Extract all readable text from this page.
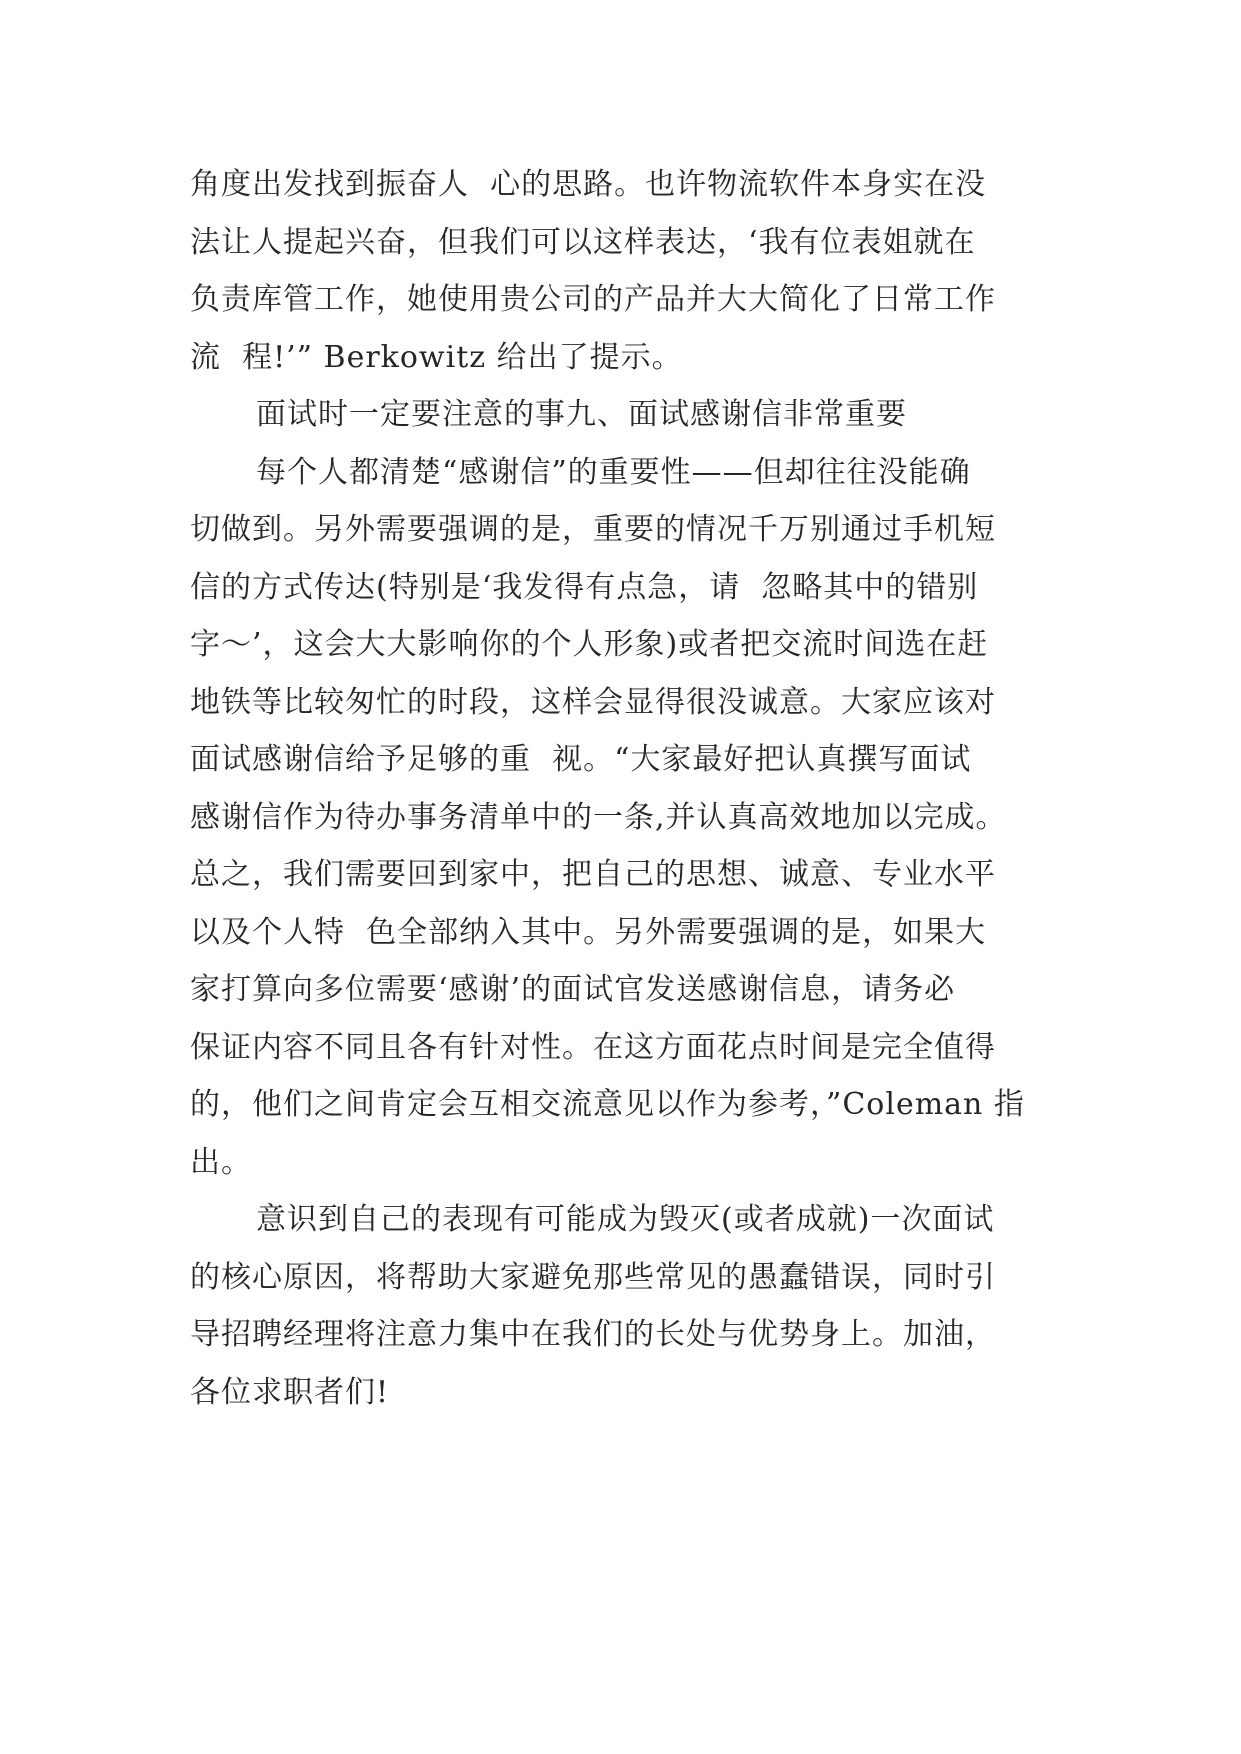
角度出发找到振奋人  心的思路。也许物流软件本身实在没
法让人提起兴奋，但我们可以这样表达，‘我有位表姐就在
负责库管工作，她使用贵公司的产品并大大简化了日常工作
流  程!’” Berkowitz 给出了提示。
面试时一定要注意的事九、面试感谢信非常重要
每个人都清楚“感谢信”的重要性——但却往往没能确
切做到。另外需要强调的是，重要的情况千万别通过手机短
信的方式传达(特别是‘我发得有点急，请  忽略其中的错别
字～’，这会大大影响你的个人形象)或者把交流时间选在赶
地铁等比较匆忙的时段，这样会显得很没诚意。大家应该对
面试感谢信给予足够的重  视。“大家最好把认真撰写面试
感谢信作为待办事务清单中的一条,并认真高效地加以完成。
总之，我们需要回到家中，把自己的思想、诚意、专业水平
以及个人特  色全部纳入其中。另外需要强调的是，如果大
家打算向多位需要‘感谢’的面试官发送感谢信息，请务必
保证内容不同且各有针对性。在这方面花点时间是完全值得
的，他们之间肯定会互相交流意见以作为参考，”Coleman 指
出。
意识到自己的表现有可能成为毁灭(或者成就)一次面试
的核心原因，将帮助大家避免那些常见的愚蠢错误，同时引
导招聘经理将注意力集中在我们的长处与优势身上。加油，
各位求职者们!
